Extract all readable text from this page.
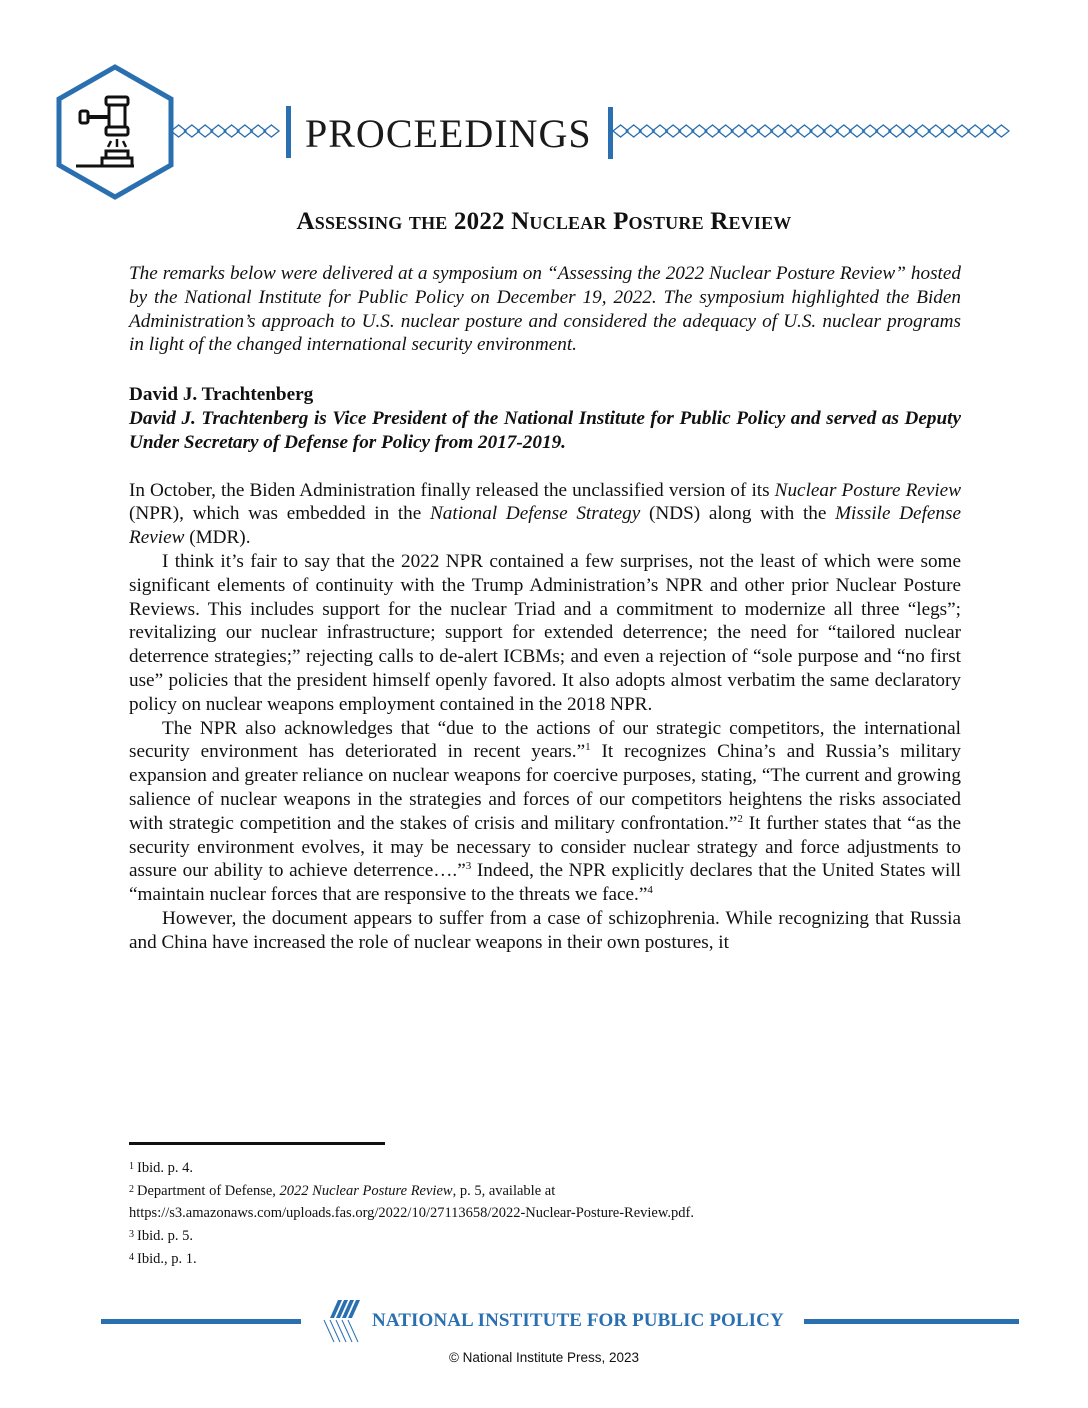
PROCEEDINGS
Assessing the 2022 Nuclear Posture Review

The remarks below were delivered at a symposium on “Assessing the 2022 Nuclear Posture Review” hosted by the National Institute for Public Policy on December 19, 2022. The symposium highlighted the Biden Administration’s approach to U.S. nuclear posture and considered the adequacy of U.S. nuclear programs in light of the changed international security environment.

David J. Trachtenberg

David J. Trachtenberg is Vice President of the National Institute for Public Policy and served as Deputy Under Secretary of Defense for Policy from 2017-2019.

In October, the Biden Administration finally released the unclassified version of its Nuclear Posture Review (NPR), which was embedded in the National Defense Strategy (NDS) along with the Missile Defense Review (MDR).

I think it’s fair to say that the 2022 NPR contained a few surprises, not the least of which were some significant elements of continuity with the Trump Administration’s NPR and other prior Nuclear Posture Reviews. This includes support for the nuclear Triad and a commitment to modernize all three “legs”; revitalizing our nuclear infrastructure; support for extended deterrence; the need for “tailored nuclear deterrence strategies;” rejecting calls to de-alert ICBMs; and even a rejection of “sole purpose and “no first use” policies that the president himself openly favored. It also adopts almost verbatim the same declaratory policy on nuclear weapons employment contained in the 2018 NPR.

The NPR also acknowledges that “due to the actions of our strategic competitors, the international security environment has deteriorated in recent years.”$^1$ It recognizes China’s and Russia’s military expansion and greater reliance on nuclear weapons for coercive purposes, stating, “The current and growing salience of nuclear weapons in the strategies and forces of our competitors heightens the risks associated with strategic competition and the stakes of crisis and military confrontation.”$^2$ It further states that “as the security environment evolves, it may be necessary to consider nuclear strategy and force adjustments to assure our ability to achieve deterrence….”$^3$ Indeed, the NPR explicitly declares that the United States will “maintain nuclear forces that are responsive to the threats we face.”$^4$

However, the document appears to suffer from a case of schizophrenia. While recognizing that Russia and China have increased the role of nuclear weapons in their own postures, it

$^1$ Ibid. p. 4.

$^2$ Department of Defense, 2022 Nuclear Posture Review, p. 5, available at
https://s3.amazonaws.com/uploads.fas.org/2022/10/27113658/2022-Nuclear-Posture-Review.pdf.

$^3$ Ibid. p. 5.

$^4$ Ibid., p. 1.

NATIONAL INSTITUTE FOR PUBLIC POLICY
© National Institute Press, 2023
